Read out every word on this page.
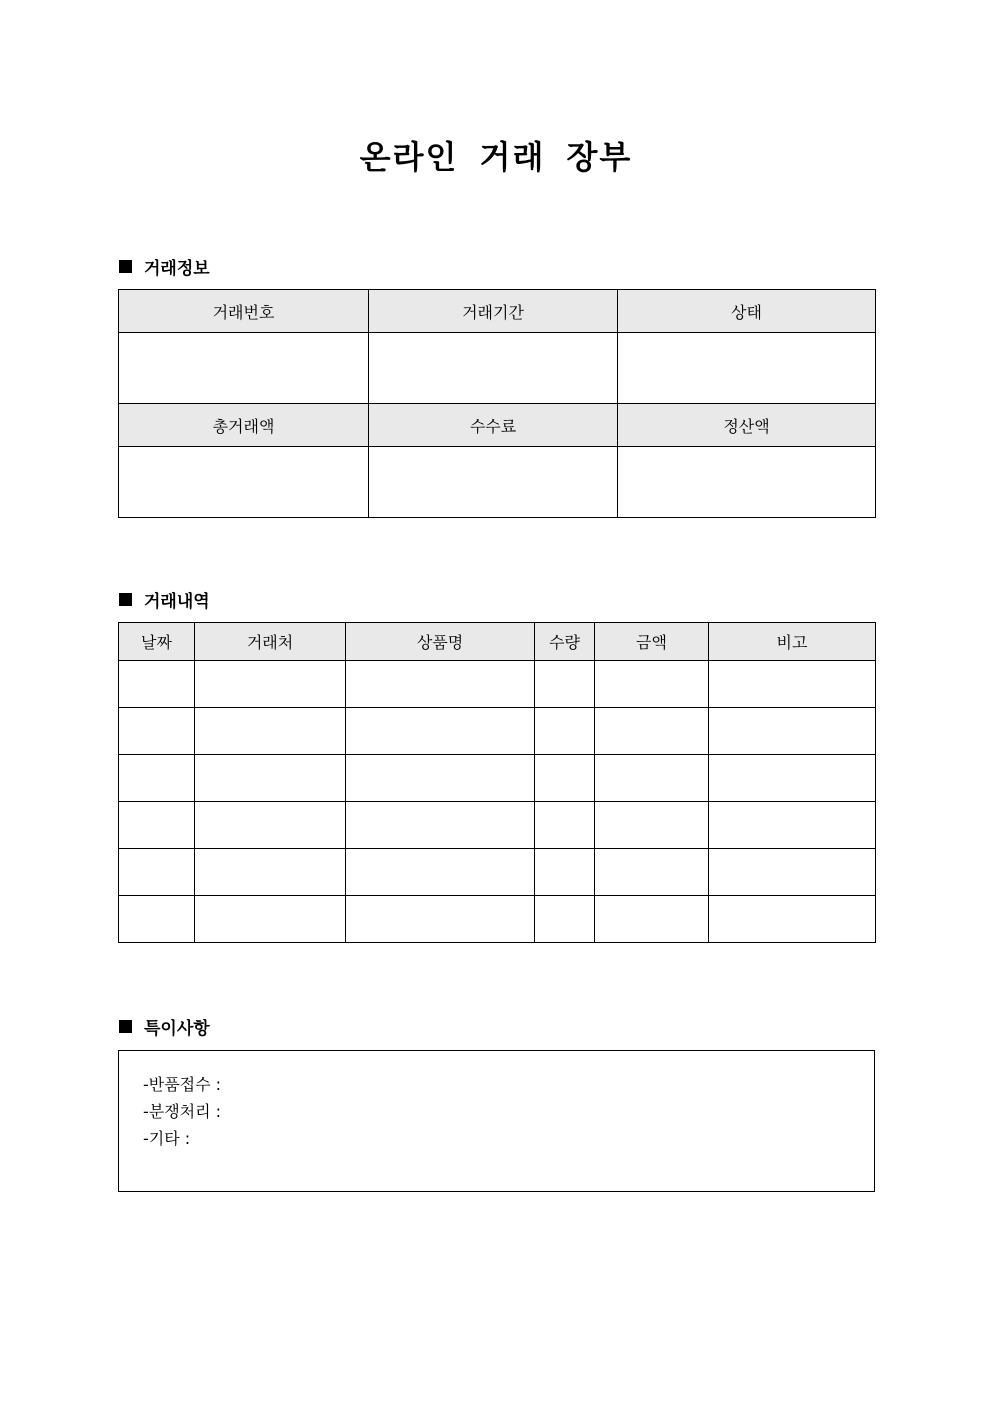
온라인 거래 장부
거래정보
거래번호	거래기간	상태

총거래액	수수료	정산액

거래내역
날짜	거래처	상품명	수량	금액	비고

특이사항
-반품접수 :
-분쟁처리 :
-기타 :
